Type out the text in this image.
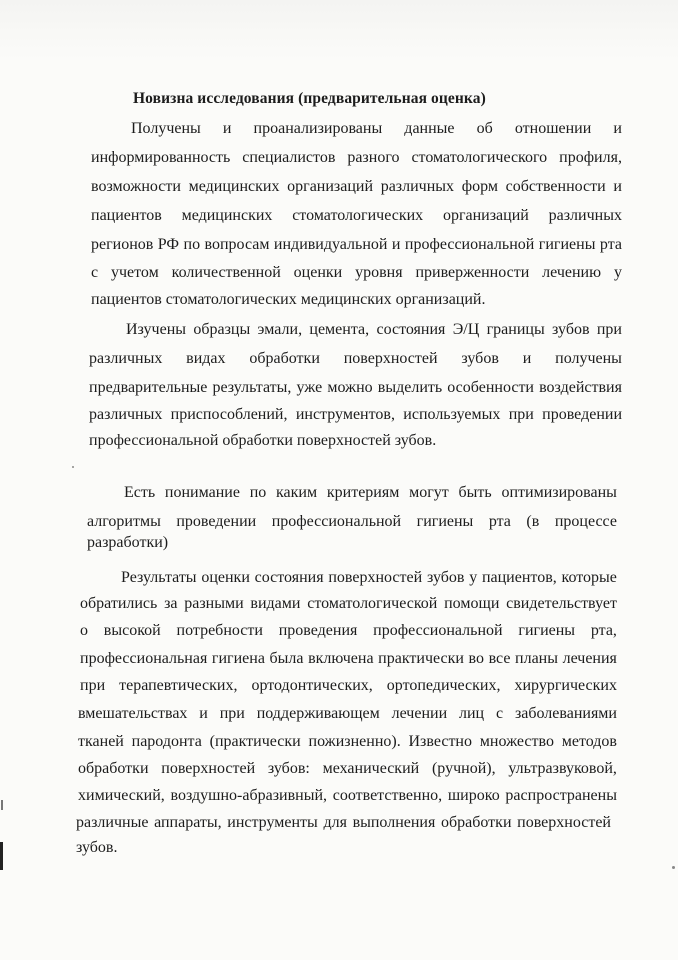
Новизна исследования (предварительная оценка)
Получены и проанализированы данные об отношении и
информированность специалистов разного стоматологического профиля,
возможности медицинских организаций различных форм собственности и
пациентов медицинских стоматологических организаций различных
регионов РФ по вопросам индивидуальной и профессиональной гигиены рта
с учетом количественной оценки уровня приверженности лечению у
пациентов стоматологических медицинских организаций.
Изучены образцы эмали, цемента, состояния Э/Ц границы зубов при
различных видах обработки поверхностей зубов и получены
предварительные результаты, уже можно выделить особенности воздействия
различных приспособлений, инструментов, используемых при проведении
профессиональной обработки поверхностей зубов.
Есть понимание по каким критериям могут быть оптимизированы
алгоритмы проведении профессиональной гигиены рта (в процессе
разработки)
Результаты оценки состояния поверхностей зубов у пациентов, которые
обратились за разными видами стоматологической помощи свидетельствует
о высокой потребности проведения профессиональной гигиены рта,
профессиональная гигиена была включена практически во все планы лечения
при терапевтических, ортодонтических, ортопедических, хирургических
вмешательствах и при поддерживающем лечении лиц с заболеваниями
тканей пародонта (практически пожизненно). Известно множество методов
обработки поверхностей зубов: механический (ручной), ультразвуковой,
химический, воздушно-абразивный, соответственно, широко распространены
различные аппараты, инструменты для выполнения обработки поверхностей
зубов.
